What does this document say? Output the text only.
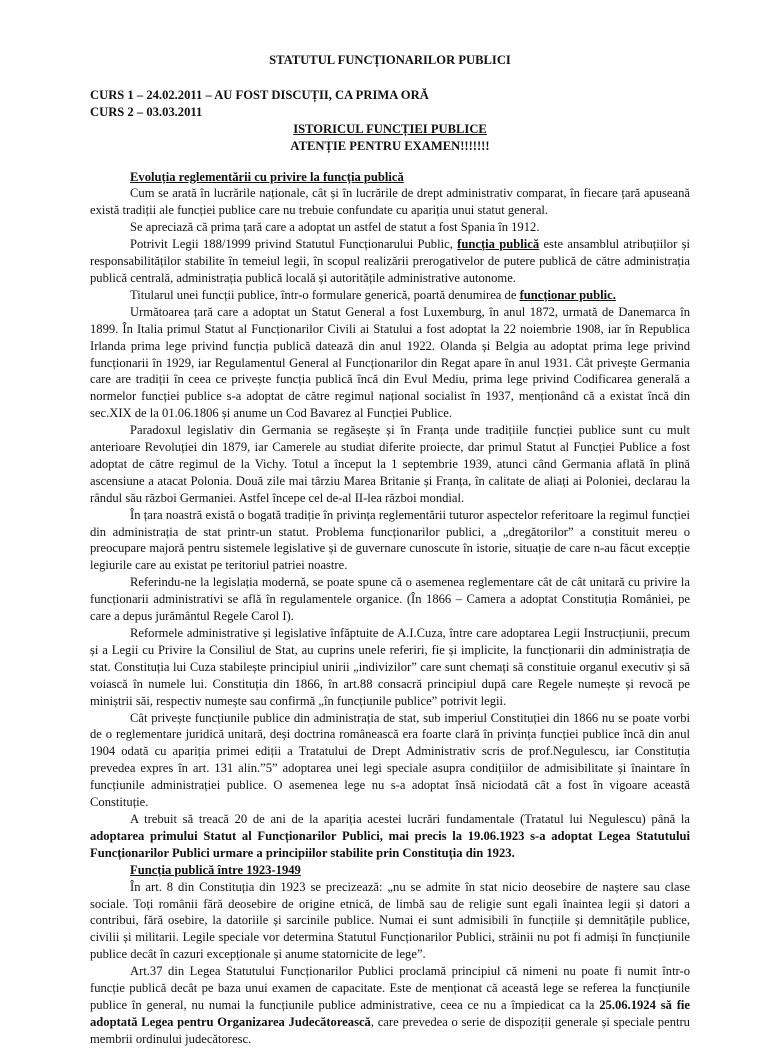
STATUTUL FUNCȚIONARILOR PUBLICI

CURS 1 – 24.02.2011 – AU FOST DISCUȚII, CA PRIMA ORĂ

CURS 2 – 03.03.2011

ISTORICUL FUNCȚIEI PUBLICE

ATENȚIE PENTRU EXAMEN!!!!!!!

Evoluția reglementării cu privire la funcția publică

Cum se arată în lucrările naționale, cât și în lucrările de drept administrativ comparat, în fiecare țară apuseană există tradiții ale funcției publice care nu trebuie confundate cu apariția unui statut general.

Se apreciază că prima țară care a adoptat un astfel de statut a fost Spania în 1912.

Potrivit Legii 188/1999 privind Statutul Funcționarului Public, funcția publică este ansamblul atribuțiilor și responsabilităților stabilite în temeiul legii, în scopul realizării prerogativelor de putere publică de către administrația publică centrală, administrația publică locală și autoritățile administrative autonome.

Titularul unei funcții publice, într-o formulare generică, poartă denumirea de funcționar public.

Următoarea țară care a adoptat un Statut General a fost Luxemburg, în anul 1872, urmată de Danemarca în 1899. În Italia primul Statut al Funcționarilor Civili ai Statului a fost adoptat la 22 noiembrie 1908, iar în Republica Irlanda prima lege privind funcția publică datează din anul 1922. Olanda și Belgia au adoptat prima lege privind funcționarii în 1929, iar Regulamentul General al Funcționarilor din Regat apare în anul 1931. Cât privește Germania care are tradiții în ceea ce privește funcția publică încă din Evul Mediu, prima lege privind Codificarea generală a normelor funcției publice s-a adoptat de către regimul național socialist în 1937, menționând că a existat încă din sec.XIX de la 01.06.1806 și anume un Cod Bavarez al Funcției Publice.

Paradoxul legislativ din Germania se regăsește și în Franța unde tradițiile funcției publice sunt cu mult anterioare Revoluției din 1879, iar Camerele au studiat diferite proiecte, dar primul Statut al Funcției Publice a fost adoptat de către regimul de la Vichy. Totul a început la 1 septembrie 1939, atunci când Germania aflată în plină ascensiune a atacat Polonia. Două zile mai târziu Marea Britanie și Franța, în calitate de aliați ai Poloniei, declarau la rândul său război Germaniei. Astfel începe cel de-al II-lea război mondial.

În țara noastră există o bogată tradiție în privința reglementării tuturor aspectelor referitoare la regimul funcției din administrația de stat printr-un statut. Problema funcționarilor publici, a „dregătorilor” a constituit mereu o preocupare majoră pentru sistemele legislative și de guvernare cunoscute în istorie, situație de care n-au făcut excepție legiurile care au existat pe teritoriul patriei noastre.

Referindu-ne la legislația modernă, se poate spune că o asemenea reglementare cât de cât unitară cu privire la funcționarii administrativi se află în regulamentele organice. (În 1866 – Camera a adoptat Constituția României, pe care a depus jurământul Regele Carol I).

Reformele administrative și legislative înfăptuite de A.I.Cuza, între care adoptarea Legii Instrucțiunii, precum și a Legii cu Privire la Consiliul de Stat, au cuprins unele referiri, fie și implicite, la funcționarii din administrația de stat. Constituția lui Cuza stabilește principiul unirii „indivizilor” care sunt chemați să constituie organul executiv și să voiască în numele lui. Constituția din 1866, în art.88 consacră principiul după care Regele numește și revocă pe miniștrii săi, respectiv numește sau confirmă „în funcțiunile publice” potrivit legii.

Cât privește funcțiunile publice din administrația de stat, sub imperiul Constituției din 1866 nu se poate vorbi de o reglementare juridică unitară, deși doctrina românească era foarte clară în privința funcției publice încă din anul 1904 odată cu apariția primei ediții a Tratatului de Drept Administrativ scris de prof.Negulescu, iar Constituția prevedea expres în art. 131 alin.”5” adoptarea unei legi speciale asupra condițiilor de admisibilitate și înaintare în funcțiunile administrației publice. O asemenea lege nu s-a adoptat însă niciodată cât a fost în vigoare această Constituție.

A trebuit să treacă 20 de ani de la apariția acestei lucrări fundamentale (Tratatul lui Negulescu) până la adoptarea primului Statut al Funcționarilor Publici, mai precis la 19.06.1923 s-a adoptat Legea Statutului Funcționarilor Publici urmare a principiilor stabilite prin Constituția din 1923.

Funcția publică între 1923-1949

În art. 8 din Constituția din 1923 se precizează: „nu se admite în stat nicio deosebire de naștere sau clase sociale. Toți românii fără deosebire de origine etnică, de limbă sau de religie sunt egali înaintea legii și datori a contribui, fără osebire, la datoriile și sarcinile publice. Numai ei sunt admisibili în funcțiile și demnitățile publice, civilii și militarii. Legile speciale vor determina Statutul Funcționarilor Publici, străinii nu pot fi admiși în funcțiunile publice decât în cazuri excepționale și anume statornicite de lege”.

Art.37 din Legea Statutului Funcționarilor Publici proclamă principiul că nimeni nu poate fi numit într-o funcție publică decât pe baza unui examen de capacitate. Este de menționat că această lege se referea la funcțiunile publice în general, nu numai la funcțiunile publice administrative, ceea ce nu a împiedicat ca la 25.06.1924 să fie adoptată Legea pentru Organizarea Judecătorească, care prevedea o serie de dispoziții generale și speciale pentru membrii ordinului judecătoresc.
